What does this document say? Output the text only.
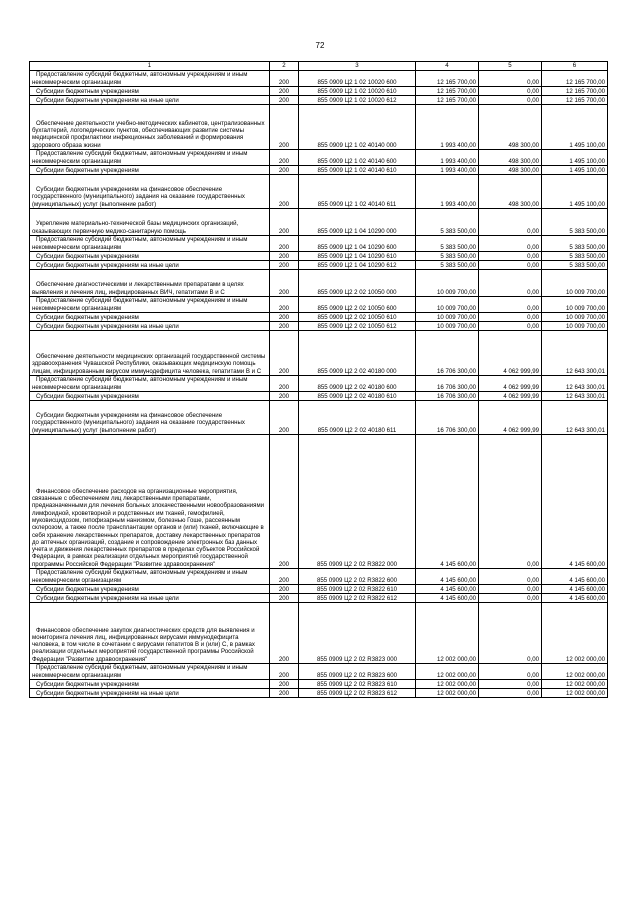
72
1	2	3	4	5	6

Предоставление субсидий бюджетным, автономным учреждениям и иным некоммерческим организациям	200	855 0909 Ц2 1 02 10020 600	12 165 700,00	0,00	12 165 700,00

Субсидии бюджетным учреждениям	200	855 0909 Ц2 1 02 10020 610	12 165 700,00	0,00	12 165 700,00

Субсидии бюджетным учреждениям на иные цели	200	855 0909 Ц2 1 02 10020 612	12 165 700,00	0,00	12 165 700,00

Обеспечение деятельности учебно-методических кабинетов, централизованных бухгалтерий, логопедических пунктов, обеспечивающих развитие системы медицинской профилактики инфекционных заболеваний и формирования здорового образа жизни	200	855 0909 Ц2 1 02 40140 000	1 993 400,00	498 300,00	1 495 100,00

Предоставление субсидий бюджетным, автономным учреждениям и иным некоммерческим организациям	200	855 0909 Ц2 1 02 40140 600	1 993 400,00	498 300,00	1 495 100,00

Субсидии бюджетным учреждениям	200	855 0909 Ц2 1 02 40140 610	1 993 400,00	498 300,00	1 495 100,00

Субсидии бюджетным учреждениям на финансовое обеспечение государственного (муниципального) задания на оказание государственных (муниципальных) услуг (выполнение работ)	200	855 0909 Ц2 1 02 40140 611	1 993 400,00	498 300,00	1 495 100,00

Укрепление материально-технической базы медицинских организаций, оказывающих первичную медико-санитарную помощь	200	855 0909 Ц2 1 04 10290 000	5 383 500,00	0,00	5 383 500,00

Предоставление субсидий бюджетным, автономным учреждениям и иным некоммерческим организациям	200	855 0909 Ц2 1 04 10290 600	5 383 500,00	0,00	5 383 500,00

Субсидии бюджетным учреждениям	200	855 0909 Ц2 1 04 10290 610	5 383 500,00	0,00	5 383 500,00

Субсидии бюджетным учреждениям на иные цели	200	855 0909 Ц2 1 04 10290 612	5 383 500,00	0,00	5 383 500,00

Обеспечение диагностическими и лекарственными препаратами в целях выявления и лечения лиц, инфицированных ВИЧ, гепатитами В и С	200	855 0909 Ц2 2 02 10050 000	10 009 700,00	0,00	10 009 700,00

Предоставление субсидий бюджетным, автономным учреждениям и иным некоммерческим организациям	200	855 0909 Ц2 2 02 10050 600	10 009 700,00	0,00	10 009 700,00

Субсидии бюджетным учреждениям	200	855 0909 Ц2 2 02 10050 610	10 009 700,00	0,00	10 009 700,00

Субсидии бюджетным учреждениям на иные цели	200	855 0909 Ц2 2 02 10050 612	10 009 700,00	0,00	10 009 700,00

Обеспечение деятельности медицинских организаций государственной системы здравоохранения Чувашской Республики, оказывающих медицинскую помощь лицам, инфицированным вирусом иммунодефицита человека, гепатитами В и С	200	855 0909 Ц2 2 02 40180 000	16 706 300,00	4 062 999,99	12 643 300,01

Предоставление субсидий бюджетным, автономным учреждениям и иным некоммерческим организациям	200	855 0909 Ц2 2 02 40180 600	16 706 300,00	4 062 999,99	12 643 300,01

Субсидии бюджетным учреждениям	200	855 0909 Ц2 2 02 40180 610	16 706 300,00	4 062 999,99	12 643 300,01

Субсидии бюджетным учреждениям на финансовое обеспечение государственного (муниципального) задания на оказание государственных (муниципальных) услуг (выполнение работ)	200	855 0909 Ц2 2 02 40180 611	16 706 300,00	4 062 999,99	12 643 300,01

Финансовое обеспечение расходов на организационные мероприятия, связанные с обеспечением лиц лекарственными препаратами, предназначенными для лечения больных злокачественными новообразованиями лимфоидной, кроветворной и родственных им тканей, гемофилией, муковисцидозом, гипофизарным нанизмом, болезнью Гоше, рассеянным склерозом, а также после трансплантации органов и (или) тканей, включающие в себя хранение лекарственных препаратов, доставку лекарственных препаратов до аптечных организаций, создание и сопровождение электронных баз данных учета и движения лекарственных препаратов в пределах субъектов Российской Федерации, в рамках реализации отдельных мероприятий государственной программы Российской Федерации "Развитие здравоохранения"	200	855 0909 Ц2 2 02 R3822 000	4 145 600,00	0,00	4 145 600,00

Предоставление субсидий бюджетным, автономным учреждениям и иным некоммерческим организациям	200	855 0909 Ц2 2 02 R3822 600	4 145 600,00	0,00	4 145 600,00

Субсидии бюджетным учреждениям	200	855 0909 Ц2 2 02 R3822 610	4 145 600,00	0,00	4 145 600,00

Субсидии бюджетным учреждениям на иные цели	200	855 0909 Ц2 2 02 R3822 612	4 145 600,00	0,00	4 145 600,00

Финансовое обеспечение закупок диагностических средств для выявления и мониторинга лечения лиц, инфицированных вирусами иммунодефицита человека, в том числе в сочетании с вирусами гепатитов В и (или) С, в рамках реализации отдельных мероприятий государственной программы Российской Федерации "Развитие здравоохранения"	200	855 0909 Ц2 2 02 R3823 000	12 002 000,00	0,00	12 002 000,00

Предоставление субсидий бюджетным, автономным учреждениям и иным некоммерческим организациям	200	855 0909 Ц2 2 02 R3823 600	12 002 000,00	0,00	12 002 000,00

Субсидии бюджетным учреждениям	200	855 0909 Ц2 2 02 R3823 610	12 002 000,00	0,00	12 002 000,00

Субсидии бюджетным учреждениям на иные цели	200	855 0909 Ц2 2 02 R3823 612	12 002 000,00	0,00	12 002 000,00
